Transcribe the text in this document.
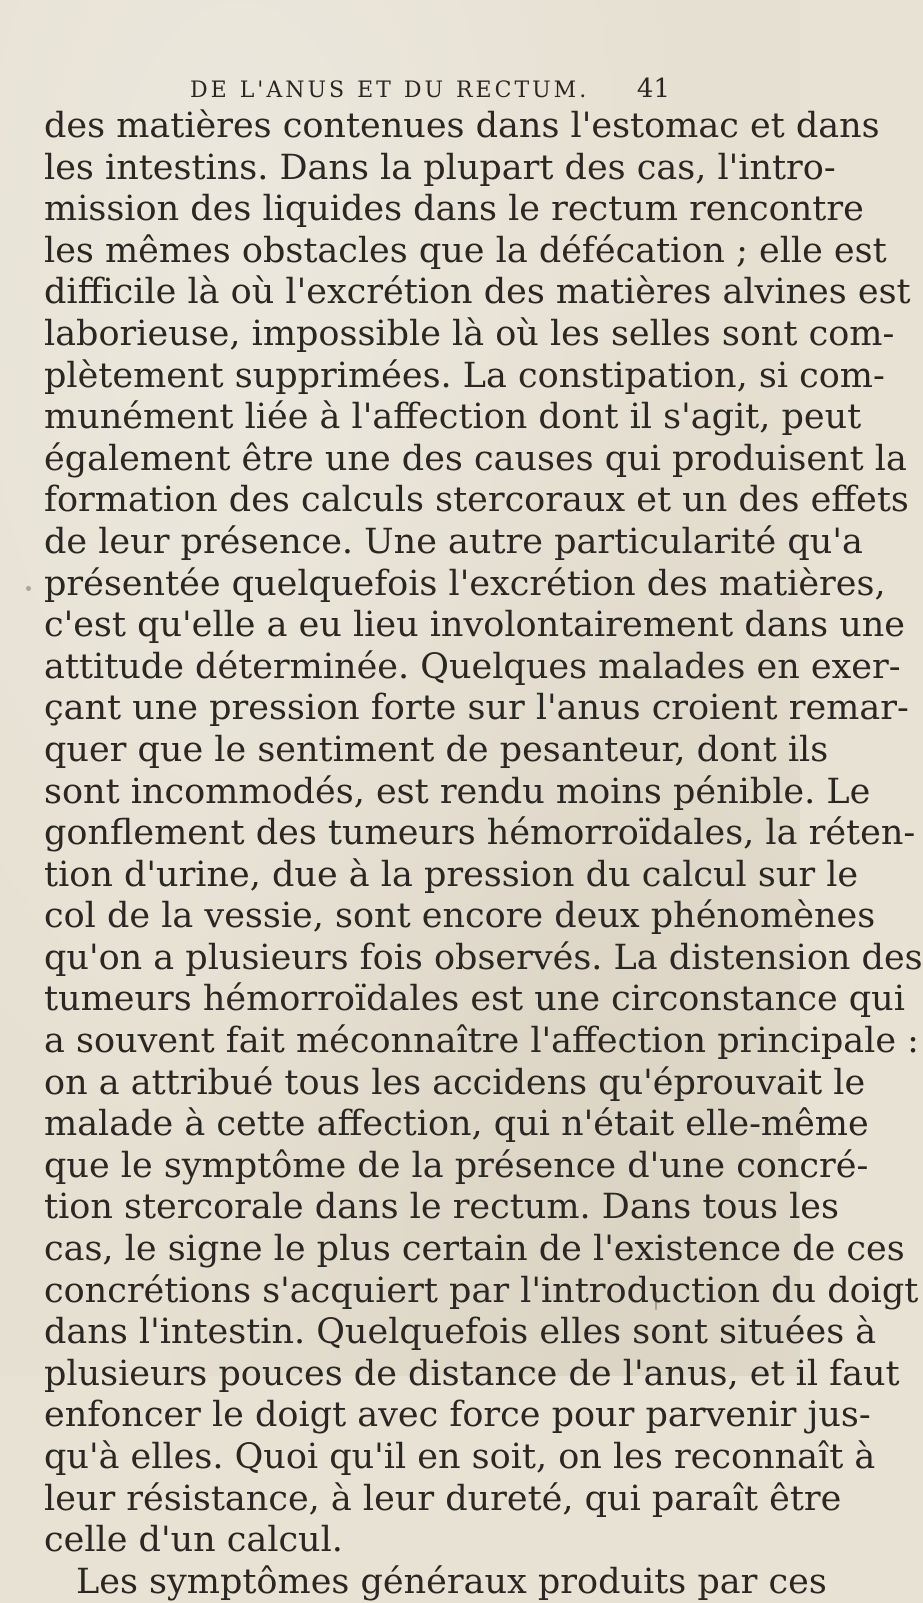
DE L'ANUS ET DU RECTUM. 41
des matières contenues dans l'estomac et dans
les intestins. Dans la plupart des cas, l'intro-
mission des liquides dans le rectum rencontre
les mêmes obstacles que la défécation ; elle est
difficile là où l'excrétion des matières alvines est
laborieuse, impossible là où les selles sont com-
plètement supprimées. La constipation, si com-
munément liée à l'affection dont il s'agit, peut
également être une des causes qui produisent la
formation des calculs stercoraux et un des effets
de leur présence. Une autre particularité qu'a
présentée quelquefois l'excrétion des matières,
c'est qu'elle a eu lieu involontairement dans une
attitude déterminée. Quelques malades en exer-
çant une pression forte sur l'anus croient remar-
quer que le sentiment de pesanteur, dont ils
sont incommodés, est rendu moins pénible. Le
gonflement des tumeurs hémorroïdales, la réten-
tion d'urine, due à la pression du calcul sur le
col de la vessie, sont encore deux phénomènes
qu'on a plusieurs fois observés. La distension des
tumeurs hémorroïdales est une circonstance qui
a souvent fait méconnaître l'affection principale :
on a attribué tous les accidens qu'éprouvait le
malade à cette affection, qui n'était elle-même
que le symptôme de la présence d'une concré-
tion stercorale dans le rectum. Dans tous les
cas, le signe le plus certain de l'existence de ces
concrétions s'acquiert par l'introduction du doigt
dans l'intestin. Quelquefois elles sont situées à
plusieurs pouces de distance de l'anus, et il faut
enfoncer le doigt avec force pour parvenir jus-
qu'à elles. Quoi qu'il en soit, on les reconnaît à
leur résistance, à leur dureté, qui paraît être
celle d'un calcul.
Les symptômes généraux produits par ces
